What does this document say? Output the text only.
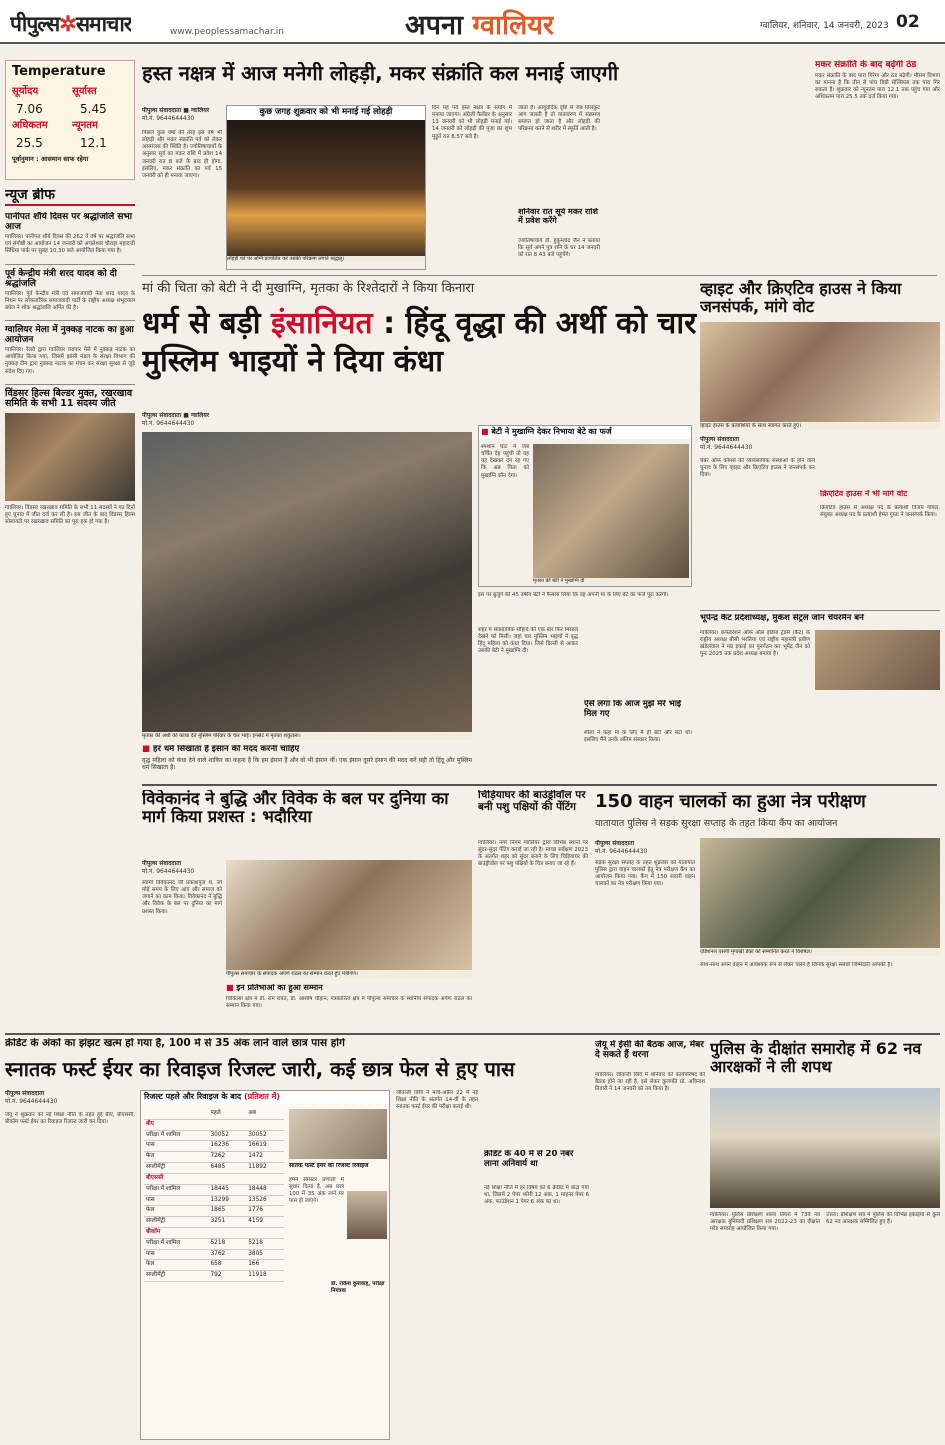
पीपुल्स✲समाचार	www.peoplessamachar.in	अपना ग्वालियर	ग्वालियर, शनिवार, 14 जनवरी, 2023 02
Temperature
सूर्योदय	सूर्यास्त
7.06	5.45
अधिकतम न्यूनतम
25.5	12.1
पूर्वानुमान : आसमान साफ रहेगा
न्यूज ब्रीफ
पानीपत शौर्य दिवस पर श्रद्धांजलि सभा आज
ग्वालियर। पानीपत शौर्य दिवस की 262 वें वर्ष पर श्रद्धांजलि सभा एवं संगोष्ठी का आयोजन 14 जनवरी को अचलेश्वर चौराहा महादजी सिंधिया पार्क पर सुबह 10.30 बजे आयोजित किया गया है।
पूर्व केन्द्रीय मंत्री शरद यादव को दी श्रद्धांजलि
ग्वालियर। पूर्व केन्द्रीय मंत्री एवं समाजवादी नेता शरद यादव के निधन पर लोकतांत्रिक समाजवादी पार्टी के राष्ट्रीय अध्यक्ष शंभूदयाल बघेल ने शोक श्रद्धांजलि अर्पित की है।
ग्वालियर मेला में नुक्कड़ नाटक का हुआ आयोजन
ग्वालियर। रेलवे द्वारा ग्वालियर व्यापार मेले में नुक्कड़ नाटक का आयोजित किया गया, जिसमें झांसी मंडल के संरक्षा विभाग की नुक्कड़ टीम द्वारा नुक्कड़ नाटक का मंचन कर संरक्षा सुरक्षा से जुड़े संदेश दिए गए।
विंडसर हिल्स बिल्डर मुक्त, रखरखाव समिति के सभी 11 सदस्य जीते
ग्वालियर। विंडसर रखरखाव समिति के सभी 11 सदस्यों ने गत दिनों हुए चुनाव में जीत दर्ज कर ली है। इस जीत के बाद विंडसर हिल्स सोसायटी पर रखरखाव समिति का पूरा हक हो गया है।
हस्त नक्षत्र में आज मनेगी लोहड़ी, मकर संक्रांति कल मनाई जाएगी
पीपुल्स संवाददाता ■ ग्वालियर
मो.नं. 9644644430
पिछले कुछ वर्षों की तरह इस वर्ष भी लोहड़ी और मकर संक्रांति पर्व को लेकर असमंजस की स्थिति है। ज्योतिषाचार्यों के अनुसार सूर्य का मकर राशि में प्रवेश 14 जनवरी रात 8 बजे के बाद ही होगा, इसलिए, मकर संक्रांति का पर्व 15 जनवरी को ही मनाया जाएगा।
कुछ जगह शुक्रवार को भी मनाई गई लोहड़ी
लोहड़ी पर्व पर अग्नि प्रज्वलित कर उसकी परिक्रमा लगाते श्रद्धालु।
दिन यह पर्व हस्त नक्षत्र के संयोग में मनाया जाएगा। अंग्रेजी कैलेंडर के अनुसार 13 जनवरी को भी लोहड़ी मनाई गई। 14 जनवरी को लोहड़ी की पूजा का शुभ मुहूर्त रात 8.57 बजे है।
जाता है। आयुर्वेदिक दृष्टि से जब तिलकुट आग जलती है तो वातावरण में संक्रमण समाप्त हो जाता है और लोहड़ी की परिक्रमा करने से शरीर में स्फूर्ति आती है।
शनिवार रात सूर्य मकर राशि में प्रवेश करेंगे
ज्योतिषाचार्य डॉ. हुकुमचंद जैन ने बताया कि सूर्य अपने पुत्र शनि के घर 14 जनवरी को रात 8.43 बजे पहुंचेंगे।
मकर संक्रांति के बाद बढ़ेगी ठंड
मकर संक्रांति के बाद पारा गिरेगा और ठंड बढ़ेगी। मौसम विभाग का मानना है कि तीन से पांच डिग्री सेल्सियस तक पारा गिर सकता है। शुक्रवार को न्यूनतम पारा 12.1 तक पहुंच गया और अधिकतम पारा 25.5 तक दर्ज किया गया।
मां की चिता को बेटी ने दी मुखाग्नि, मृतका के रिश्तेदारों ने किया किनारा
धर्म से बड़ी इंसानियत : हिंदू वृद्धा की अर्थी को चार मुस्लिम भाइयों ने दिया कंधा
पीपुल्स संवाददाता ■ ग्वालियर
मो.नं. 9644644430
मृतका की अर्थी को कांधा देते मुस्लिम परिवार के चार भाई। इनसेट में मृतका शकुंतला।
■ बेटी ने मुखाग्नि देकर निभाया बेटे का फर्ज
श्मशान घाट में जब चर्चित देह पहुंची तो वह यह देखकर दंग रह गए कि अब चिता को मुखाग्नि कौन देगा।
मृतका की बेटी ने मुखाग्नि दी
इस पर बुजुर्ग की 45 वर्षीय बेटी ने फैसला लिया कि वह अपनी मां के लिए बेटे का फर्ज पूरा करेगी।
शहर में सांप्रदायिक सौहार्द की एक बार फिर मिसाल देखने को मिली। जहां चार मुस्लिम भाइयों ने वृद्ध हिंदू महिला को कंधा दिया। जिसे दिल्ली से आकर उसकी बेटी ने मुखाग्नि दी।
ऐसे लगा कि आज मुझे मेरे भाई मिल गए
शीला ने कहा मां के लिए मैं ही बेटी और बेटा थी। इसलिए मैंने उनके अंतिम संस्कार किया।
■ हर धर्म सिखाता है इंसान की मदद करनी चाहिए
वृद्ध महिला को कंधा देने वाले शाकिर का कहना है कि हम इंसान हैं और वो भी इंसान थीं। एक इंसान दूसरे इंसान की मदद करे यही तो हिंदू और मुस्लिम धर्म सिखाता है।
व्हाइट और क्रिएटिव हाउस ने किया जनसंपर्क, मांगे वोट
व्हाइट हाउस के प्रत्याशियों के साथ स्वागत करते हुए।
पीपुल्स संवाददाता
मो.नं. 9644644430
चेंबर ऑफ कॉमर्स की व्यावसायिक संस्थाओं के होने वाले चुनाव के लिए व्हाइट और क्रिएटिव हाउस ने जनसंपर्क कर दिया।
क्रिएटिव हाउस ने भी मांगे वोट
क्रिएटिव हाउस से अध्यक्ष पद के प्रत्याशी विजय गोयल, संयुक्त अध्यक्ष पद के प्रत्याशी हेमंत गुप्ता ने जनसंपर्क किया।
भूपेन्द्र कैट प्रदेशाध्यक्ष, मुकेश सेंट्रल जोन चेयरमैन बने
ग्वालियर। कंफेडरेशन ऑफ ऑल इंडिया ट्रेडर्स (कैट) के राष्ट्रीय अध्यक्ष बीसी भरतिया एवं राष्ट्रीय महामंत्री प्रवीण खंडेलवाल ने मप्र इकाई का पुनर्गठन कर भूपेंद्र जैन को पुनः 2025 तक प्रदेश अध्यक्ष बनाया है।
विवेकानंद ने बुद्धि और विवेक के बल पर दुनिया का मार्ग किया प्रशस्त : भदौरिया
पीपुल्स संवाददाता
मो.नं. 9644644430
स्वामी विवेकानंद जी प्रकाशपुंज थे, जो मोड़ें समय के लिए आए और समाज को जगाने का काम किया। विवेकानंद ने बुद्धि और विवेक के बल पर दुनिया का मार्ग प्रशस्त किया।
पीपुल्स समाचार के संपादक अपर्ण राठल का सम्मान करते हुए मंत्रीगण।
■ इन प्रतिभाओं का हुआ सम्मान
चिकित्सा क्षेत्र में डॉ. राम रावत, डॉ. आशीष चौहान, पत्रकारिता क्षेत्र में पीपुल्स समाचार के स्थानीय संपादक अर्पण राठल का सम्मान किया गया।
चिड़ियाघर की बाउंड्रीवॉल पर बनी पशु पक्षियों की पेंटिंग
ग्वालियर। नगर निगम ग्वालियर द्वारा विभिन्न स्थानों पर सुंदर-सुंदर पेंटिंग कराई जा रही है। स्वच्छ सर्वेक्षण 2023 के अंतर्गत शहर को सुंदर बनाने के लिए चिड़ियाघर की बाउंड्रीवॉल पर पशु पक्षियों के चित्र बनाए जा रहे हैं।
150 वाहन चालकों का हुआ नेत्र परीक्षण
यातायात पुलिस ने सड़क सुरक्षा सप्ताह के तहत किया कैंप का आयोजन
पीपुल्स संवाददाता
मो.नं. 9644644430
सड़क सुरक्षा सप्ताह के तहत शुक्रवार को यातायात पुलिस द्वारा वाहन चालकों हेतु नेत्र परीक्षण कैंप का आयोजन किया गया। कैंप में 150 सवारी वाहन चालकों का नेत्र परीक्षण किया गया।
एडिशनल एसपी मृगाखी डेका को सम्मानित करते ने विशेषज्ञ।
साथ-साथ अपने वाहन में आवश्यक रूप से लेकर चलने हैं जिनके सुरक्षा संबंधी जिम्मेदारी आपकी है।
क्रेडिट के अंकों का झंझट खत्म हो गया है, 100 में से 35 अंक लाने वाले छात्र पास होंगे
स्नातक फर्स्ट ईयर का रिवाइज रिजल्ट जारी, कई छात्र फेल से हुए पास
पीपुल्स संवाददाता
मो.नं. 9644644430
जेयू ने शुक्रवार को नई शिक्षा नीति के तहत हुई बीए, बीएससी, बीकॉम फर्स्ट ईयर का रिवाइज रिजल्ट जारी कर दिया।
रिजल्ट पहले और रिवाइज के बाद (प्रतिशत में)
	पहले	अब
बीए		
परीक्षा में शामिल	30052	30052
पास	16236	16619
फेल	7262	1472
सप्लीमेंट्री	6485	11892
बीएससी		
परीक्षा में शामिल	18445	18448
पास	13299	13526
फेल	1865	1776
सप्लीमेंट्री	3251	4159
बीकॉम		
परीक्षा में शामिल	5218	5218
पास	3762	3805
फेल	658	166
सप्लीमेंट्री	792	11918
सातक फर्स्ट ईयर का रिजल्ट रिवाइज
हमने सेमेस्टर प्रणाली में सुधार किया है, अब छात्र 100 में 35 अंक लाने पर पास हो जाएंगे।
डॉ. राकेश कुशवाह, परीक्षा नियंत्रक
जीवाजी विवि ने मार्च-अप्रैल 22 में नई शिक्षा नीति के अंतर्गत 14-वीं के तहत स्नातक फर्स्ट ईयर की परीक्षा कराई थी।
क्रेडिट के 40 में से 20 नंबर लाना अनिवार्य था
नई शिक्षा नीति में हर विषय को 6 क्रेडिट में बांटा गया था, जिसमें 2 पेपर थ्योरी 12 अंक, 1 माइनर पेपर 6 अंक, फाउंडेशन 1 पेपर 6 अंक का था।
जेयू में ईसी की बैठक आज, मेंबर दे सकते हैं धरना
ग्वालियर। जीवाजी विवि में शनिवार को कार्यपरिषद की बैठक होने जा रही है, इसे लेकर कुलपति प्रो. अविनाश तिवारी ने 14 जनवरी को तय किया है।
पुलिस के दीक्षांत समारोह में 62 नव आरक्षकों ने ली शपथ
ग्वालियर। पुलिस प्रशिक्षण शाला तिघरा में 73वें नव आरक्षक बुनियादी प्रशिक्षण सत्र 2022-23 का दीक्षांत परेड समारोह आयोजित किया गया।
उत्तरा। प्रशिक्षण सत्र में पुलिस की विभिन्न इकाइयों से कुल 62 नव आरक्षक सम्मिलित हुए हैं।
